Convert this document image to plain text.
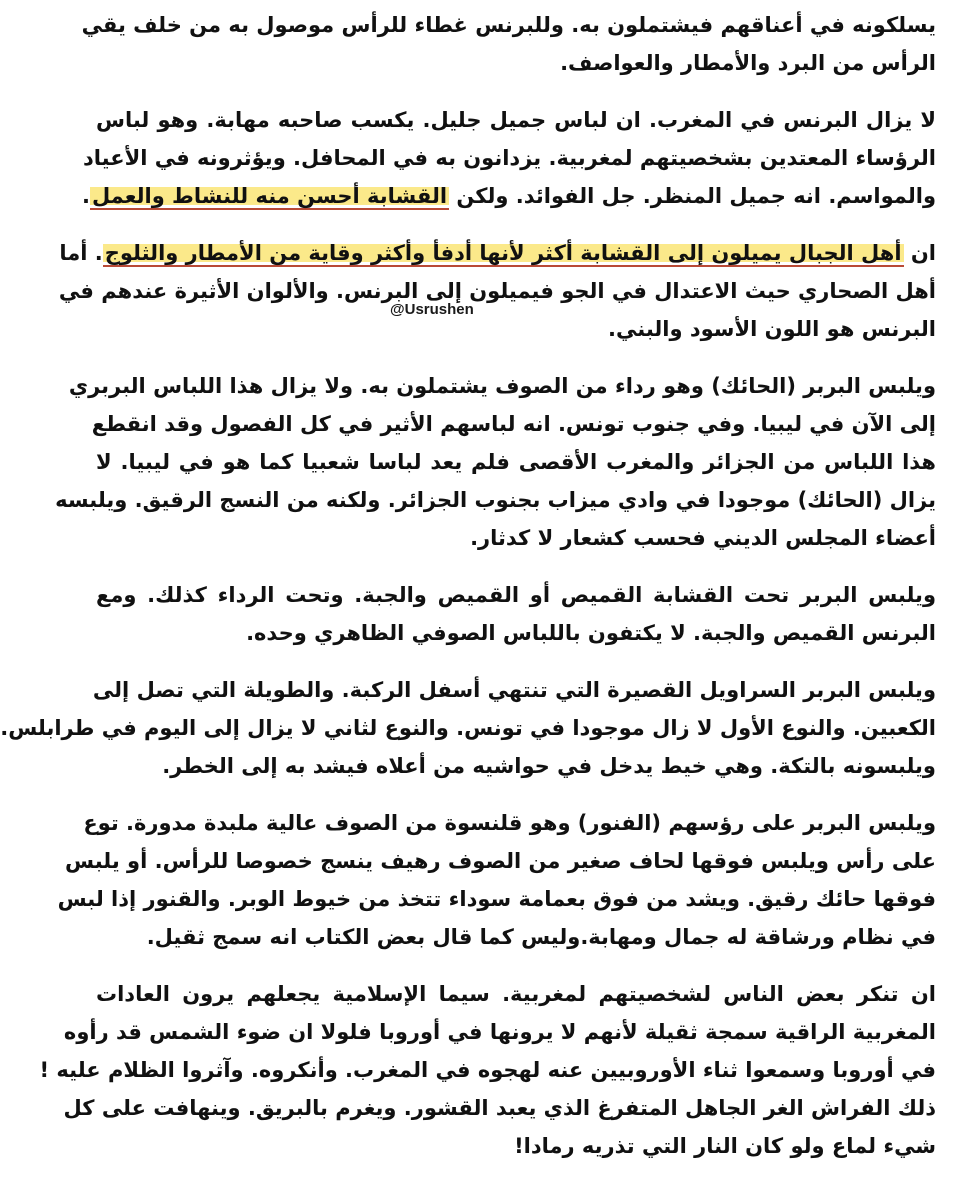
يسلكونه في أعناقهم فيشتملون به. وللبرنس غطاء للرأس موصول به من خلف يقي
الرأس من البرد والأمطار والعواصف.

لا يزال البرنس في المغرب. ان لباس جميل جليل. يكسب صاحبه مهابة. وهو لباس
الرؤساء المعتدين بشخصيتهم لمغربية. يزدانون به في المحافل. ويؤثرونه في الأعياد
والمواسم. انه جميل المنظر. جل الفوائد. ولكن القشابة أحسن منه للنشاط والعمل.

ان أهل الجبال يميلون إلى القشابة أكثر لأنها أدفأ وأكثر وقاية من الأمطار والثلوج. أما
أهل الصحاري حيث الاعتدال في الجو فيميلون إلى البرنس. والألوان الأثيرة عندهم في
البرنس هو اللون الأسود والبني.

ويلبس البربر (الحائك) وهو رداء من الصوف يشتملون به. ولا يزال هذا اللباس البربري
إلى الآن في ليبيا. وفي جنوب تونس. انه لباسهم الأثير في كل الفصول وقد انقطع
هذا اللباس من الجزائر والمغرب الأقصى فلم يعد لباسا شعبيا كما هو في ليبيا. لا
يزال (الحائك) موجودا في وادي ميزاب بجنوب الجزائر. ولكنه من النسج الرقيق. ويلبسه
أعضاء المجلس الديني فحسب كشعار لا كدثار.

ويلبس البربر تحت القشابة القميص أو القميص والجبة. وتحت الرداء كذلك. ومع
البرنس القميص والجبة. لا يكتفون باللباس الصوفي الظاهري وحده.

ويلبس البربر السراويل القصيرة التي تنتهي أسفل الركبة. والطويلة التي تصل إلى
الكعبين. والنوع الأول لا زال موجودا في تونس. والنوع لثاني لا يزال إلى اليوم في طرابلس.
ويلبسونه بالتكة. وهي خيط يدخل في حواشيه من أعلاه فيشد به إلى الخطر.

ويلبس البربر على رؤسهم (الفنور) وهو قلنسوة من الصوف عالية ملبدة مدورة. توع
على رأس ويلبس فوقها لحاف صغير من الصوف رهيف ينسج خصوصا للرأس. أو يلبس
فوقها حائك رقيق. ويشد من فوق بعمامة سوداء تتخذ من خيوط الوبر. والقنور إذا لبس
في نظام ورشاقة له جمال ومهابة.وليس كما قال بعض الكتاب انه سمج ثقيل.

ان تنكر بعض الناس لشخصيتهم لمغربية. سيما الإسلامية يجعلهم يرون العادات
المغربية الراقية سمجة ثقيلة لأنهم لا يرونها في أوروبا فلولا ان ضوء الشمس قد رأوه
في أوروبا وسمعوا ثناء الأوروبيين عنه لهجوه في المغرب. وأنكروه. وآثروا الظلام عليه !
ذلك الفراش الغر الجاهل المتفرغ الذي يعبد القشور. ويغرم بالبريق. وينهافت على كل
شيء لماع ولو كان النار التي تذريه رمادا!

@Usrushen
